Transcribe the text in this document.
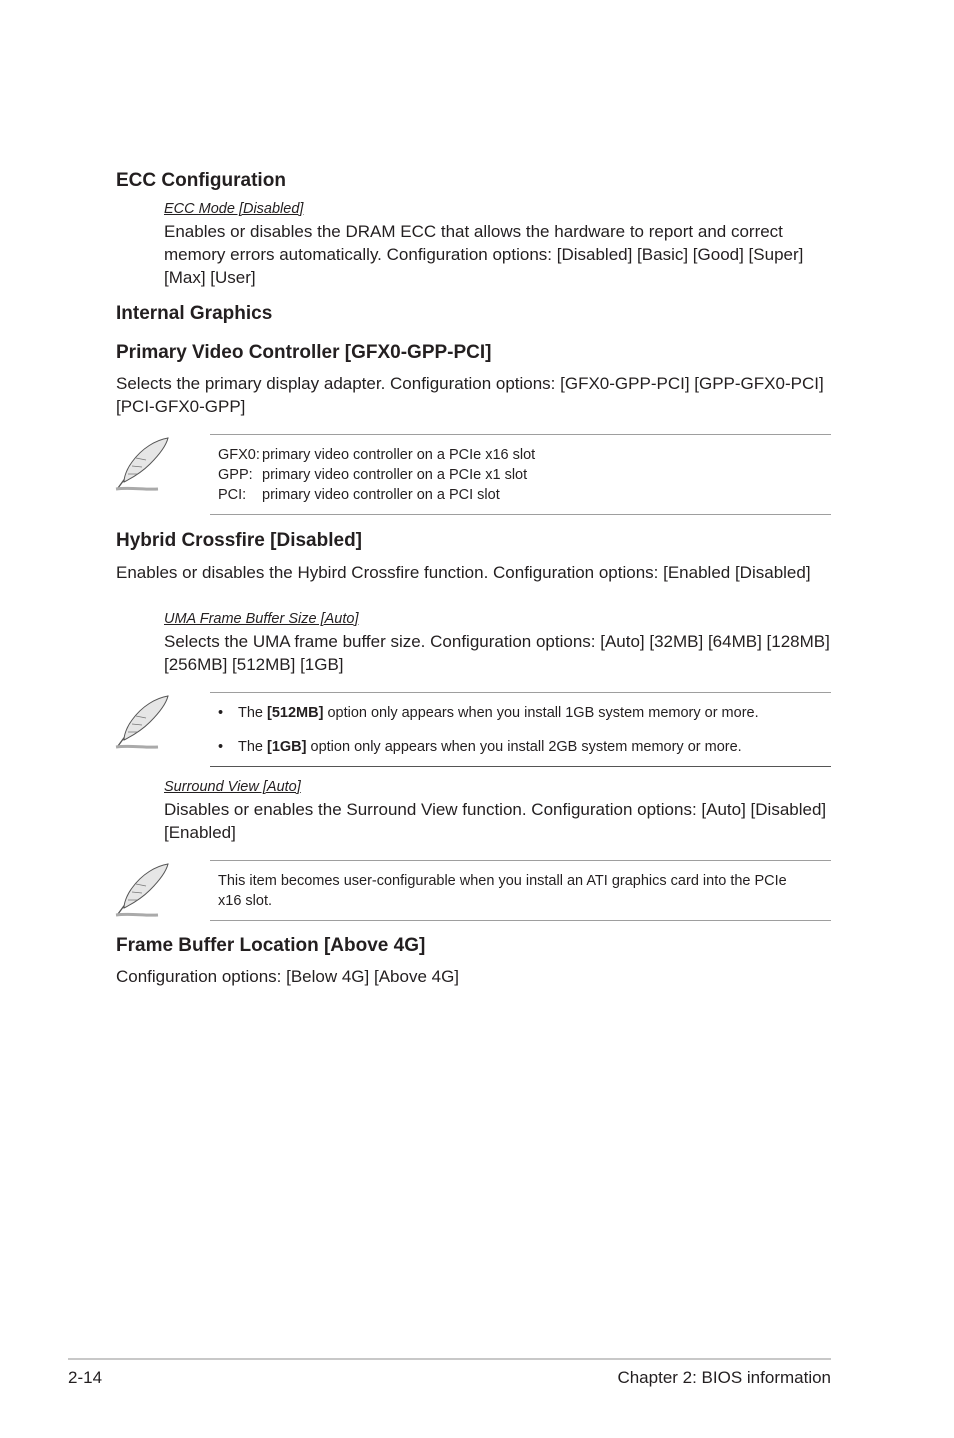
ECC Configuration
ECC Mode [Disabled]
Enables or disables the DRAM ECC that allows the hardware to report and correct memory errors automatically. Configuration options: [Disabled] [Basic] [Good] [Super] [Max] [User]
Internal Graphics
Primary Video Controller [GFX0-GPP-PCI]
Selects the primary display adapter. Configuration options: [GFX0-GPP-PCI] [GPP-GFX0-PCI] [PCI-GFX0-GPP]
GFX0: primary video controller on a PCIe x16 slot
GPP: primary video controller on a PCIe x1 slot
PCI:	primary video controller on a PCI slot
Hybrid Crossfire [Disabled]
Enables or disables the Hybird Crossfire function. Configuration options: [Enabled [Disabled]
UMA Frame Buffer Size [Auto]
Selects the UMA frame buffer size. Configuration options: [Auto] [32MB] [64MB] [128MB] [256MB] [512MB] [1GB]
• The [512MB] option only appears when you install 1GB system memory or more.
• The [1GB] option only appears when you install 2GB system memory or more.
Surround View [Auto]
Disables or enables the Surround View function. Configuration options: [Auto] [Disabled] [Enabled]
This item becomes user-configurable when you install an ATI graphics card into the PCIe x16 slot.
Frame Buffer Location [Above 4G]
Configuration options: [Below 4G] [Above 4G]
2-14	Chapter 2: BIOS information
